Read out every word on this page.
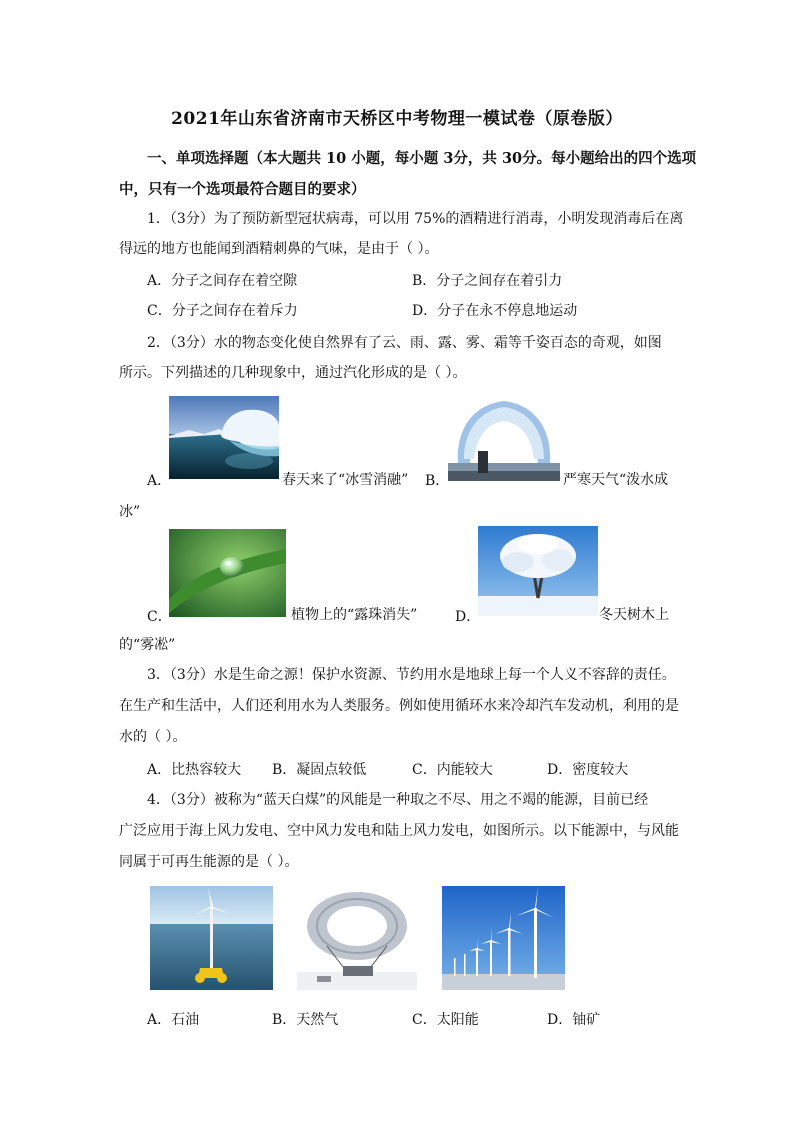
2021年山东省济南市天桥区中考物理一模试卷（原卷版）
一、单项选择题（本大题共 10 小题，每小题 3分，共 30分。每小题给出的四个选项
中，只有一个选项最符合题目的要求）
1．（3分）为了预防新型冠状病毒，可以用 75%的酒精进行消毒，小明发现消毒后在离
得远的地方也能闻到酒精刺鼻的气味，是由于（ ）。
A．分子之间存在着空隙	B．分子之间存在着引力
C．分子之间存在着斥力	D．分子在永不停息地运动
2．（3分）水的物态变化使自然界有了云、雨、露、雾、霜等千姿百态的奇观，如图
所示。下列描述的几种现象中，通过汽化形成的是（ ）。
A．	春天来了“冰雪消融” B．	严寒天气“泼水成
冰”
C．	植物上的“露珠消失”	D．	冬天树木上
的“雾凇”
3．（3分）水是生命之源！保护水资源、节约用水是地球上每一个人义不容辞的责任。
在生产和生活中，人们还利用水为人类服务。例如使用循环水来冷却汽车发动机，利用的是
水的（ ）。
A．比热容较大 B．凝固点较低	C．内能较大	D．密度较大
4．（3分）被称为“蓝天白煤”的风能是一种取之不尽、用之不竭的能源，目前已经
广泛应用于海上风力发电、空中风力发电和陆上风力发电，如图所示。以下能源中，与风能
同属于可再生能源的是（ ）。
A．石油	B．天然气	C．太阳能	D．铀矿
